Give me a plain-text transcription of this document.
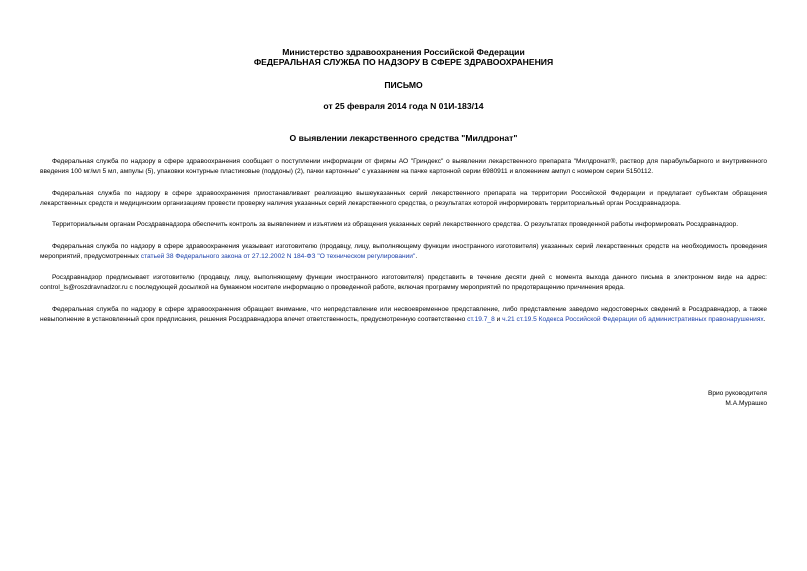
Министерство здравоохранения Российской Федерации
ФЕДЕРАЛЬНАЯ СЛУЖБА ПО НАДЗОРУ В СФЕРЕ ЗДРАВООХРАНЕНИЯ
ПИСЬМО
от 25 февраля 2014 года N 01И-183/14
О выявлении лекарственного средства "Милдронат"

Федеральная служба по надзору в сфере здравоохранения сообщает о поступлении информации от фирмы АО "Гриндекс" о выявлении лекарственного препарата "Милдронат®, раствор для парабульбарного и внутривенного введения 100 мг/мл 5 мл, ампулы (5), упаковки контурные пластиковые (поддоны) (2), пачки картонные" с указанием на пачке картонной серии 6980911 и вложением ампул с номером серии 5150112.

Федеральная служба по надзору в сфере здравоохранения приостанавливает реализацию вышеуказанных серий лекарственного препарата на территории Российской Федерации и предлагает субъектам обращения лекарственных средств и медицинским организациям провести проверку наличия указанных серий лекарственного средства, о результатах которой информировать территориальный орган Росздравнадзора.

Территориальным органам Росздравнадзора обеспечить контроль за выявлением и изъятием из обращения указанных серий лекарственного средства. О результатах проведенной работы информировать Росздравнадзор.

Федеральная служба по надзору в сфере здравоохранения указывает изготовителю (продавцу, лицу, выполняющему функции иностранного изготовителя) указанных серий лекарственных средств на необходимость проведения мероприятий, предусмотренных статьей 38 Федерального закона от 27.12.2002 N 184-ФЗ "О техническом регулировании".

Росздравнадзор предписывает изготовителю (продавцу, лицу, выполняющему функции иностранного изготовителя) представить в течение десяти дней с момента выхода данного письма в электронном виде на адрес: control_ls@roszdravnadzor.ru с последующей досылкой на бумажном носителе информацию о проведенной работе, включая программу мероприятий по предотвращению причинения вреда.

Федеральная служба по надзору в сфере здравоохранения обращает внимание, что непредставление или несвоевременное представление, либо представление заведомо недостоверных сведений в Росздравнадзор, а также невыполнение в установленный срок предписания, решения Росздравнадзора влечет ответственность, предусмотренную соответственно ст.19.7_8 и ч.21 ст.19.5 Кодекса Российской Федерации об административных правонарушениях.

Врио руководителя
М.А.Мурашко
